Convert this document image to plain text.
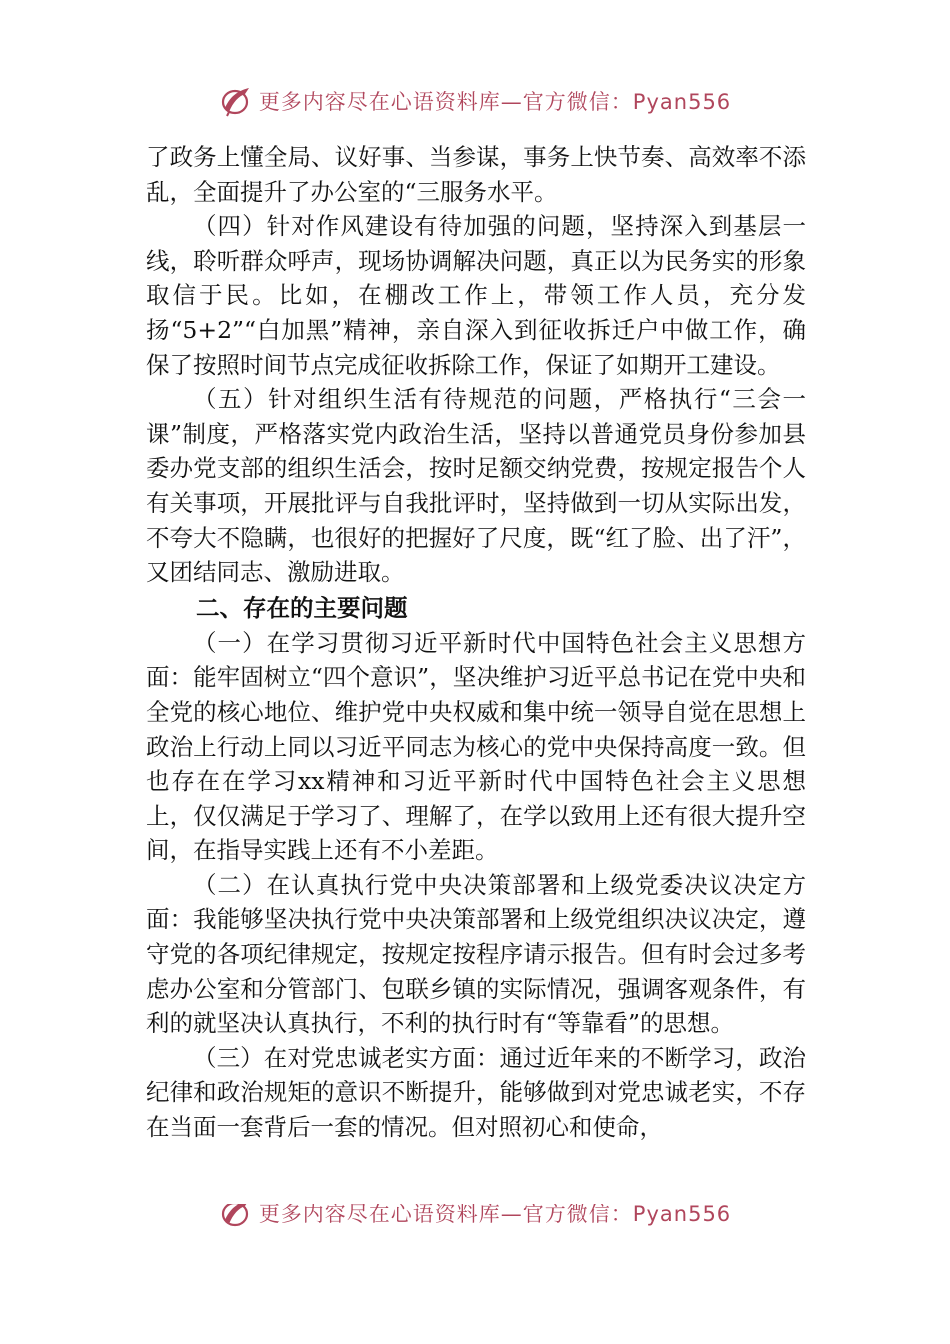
更多内容尽在心语资料库—官方微信：Pyan556

了政务上懂全局、议好事、当参谋，事务上快节奏、高效率不添乱，全面提升了办公室的“三服务水平。

（四）针对作风建设有待加强的问题，坚持深入到基层一线，聆听群众呼声，现场协调解决问题，真正以为民务实的形象取信于民。比如，在棚改工作上，带领工作人员，充分发扬“5+2”“白加黑”精神，亲自深入到征收拆迁户中做工作，确保了按照时间节点完成征收拆除工作，保证了如期开工建设。

（五）针对组织生活有待规范的问题，严格执行“三会一课”制度，严格落实党内政治生活，坚持以普通党员身份参加县委办党支部的组织生活会，按时足额交纳党费，按规定报告个人有关事项，开展批评与自我批评时，坚持做到一切从实际出发，不夸大不隐瞒，也很好的把握好了尺度，既“红了脸、出了汗”，又团结同志、激励进取。

二、存在的主要问题

（一）在学习贯彻习近平新时代中国特色社会主义思想方面：能牢固树立“四个意识”，坚决维护习近平总书记在党中央和全党的核心地位、维护党中央权威和集中统一领导自觉在思想上政治上行动上同以习近平同志为核心的党中央保持高度一致。但也存在在学习xx精神和习近平新时代中国特色社会主义思想上，仅仅满足于学习了、理解了，在学以致用上还有很大提升空间，在指导实践上还有不小差距。

（二）在认真执行党中央决策部署和上级党委决议决定方面：我能够坚决执行党中央决策部署和上级党组织决议决定，遵守党的各项纪律规定，按规定按程序请示报告。但有时会过多考虑办公室和分管部门、包联乡镇的实际情况，强调客观条件，有利的就坚决认真执行，不利的执行时有“等靠看”的思想。

（三）在对党忠诚老实方面：通过近年来的不断学习，政治纪律和政治规矩的意识不断提升，能够做到对党忠诚老实，不存在当面一套背后一套的情况。但对照初心和使命，

更多内容尽在心语资料库—官方微信：Pyan556
